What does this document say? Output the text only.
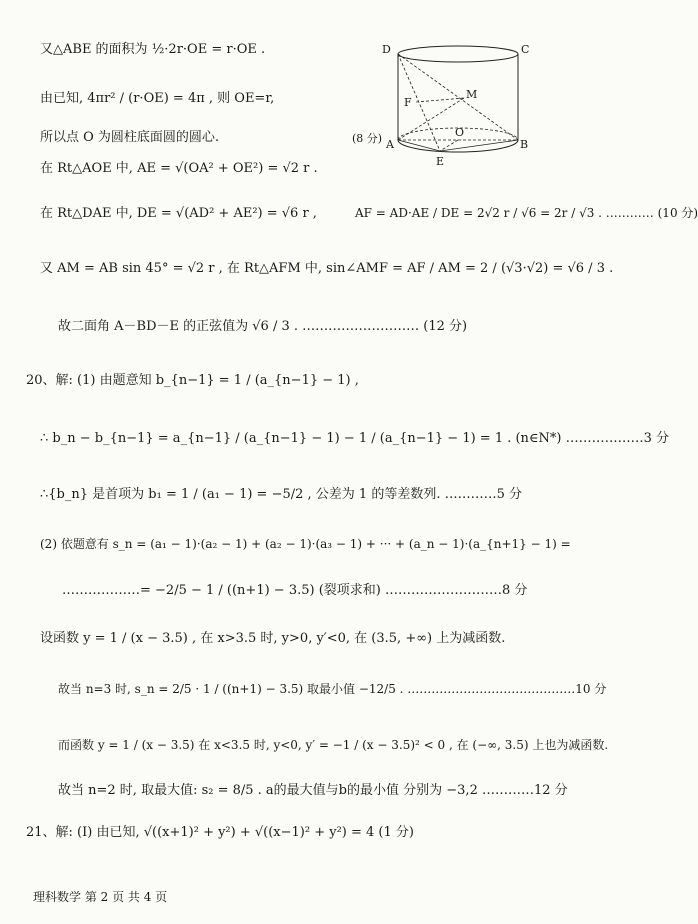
又△ABE 的面积为 ½·2r·OE = r·OE .
由已知, 4πr² / (r·OE) = 4π , 则 OE=r,
所以点 O 为圆柱底面圆的圆心.
在 Rt△AOE 中, AE = √(OA² + OE²) = √2 r .
在 Rt△DAE 中, DE = √(AD² + AE²) = √6 r ,	AF = AD·AE / DE = 2√2 r / √6 = 2r / √3 . ………… (10 分)
又 AM = AB sin 45° = √2 r , 在 Rt△AFM 中, sin∠AMF = AF / AM = 2 / (√3·√2) = √6 / 3 .
故二面角 A－BD－E 的正弦值为 √6 / 3 . ……………………… (12 分)
20、解: (1) 由题意知 b_{n−1} = 1 / (a_{n−1} − 1) ,
∴ b_n − b_{n−1} = a_{n−1} / (a_{n−1} − 1) − 1 / (a_{n−1} − 1) = 1 . (n∈N*) ………………3 分
∴{b_n} 是首项为 b₁ = 1 / (a₁ − 1) = −5/2 , 公差为 1 的等差数列. …………5 分
(2) 依题意有 s_n = (a₁ − 1)·(a₂ − 1) + (a₂ − 1)·(a₃ − 1) + ··· + (a_n − 1)·(a_{n+1} − 1) =
………………= −2/5 − 1 / ((n+1) − 3.5) (裂项求和) ………………………8 分
设函数 y = 1 / (x − 3.5) , 在 x>3.5 时, y>0, y′<0, 在 (3.5, +∞) 上为减函数.
故当 n=3 时, s_n = 2/5 · 1 / ((n+1) − 3.5) 取最小值 −12/5 . ……………………………………10 分
而函数 y = 1 / (x − 3.5) 在 x<3.5 时, y<0, y′ = −1 / (x − 3.5)² < 0 , 在 (−∞, 3.5) 上也为减函数.
故当 n=2 时, 取最大值: s₂ = 8/5 . a的最大值与b的最小值 分别为 −3,2 …………12 分
21、解: (Ⅰ) 由已知, √((x+1)² + y²) + √((x−1)² + y²) = 4 (1 分)
D	C
M
F
O
A	B
E
(8 分)
理科数学 第 2 页 共 4 页
